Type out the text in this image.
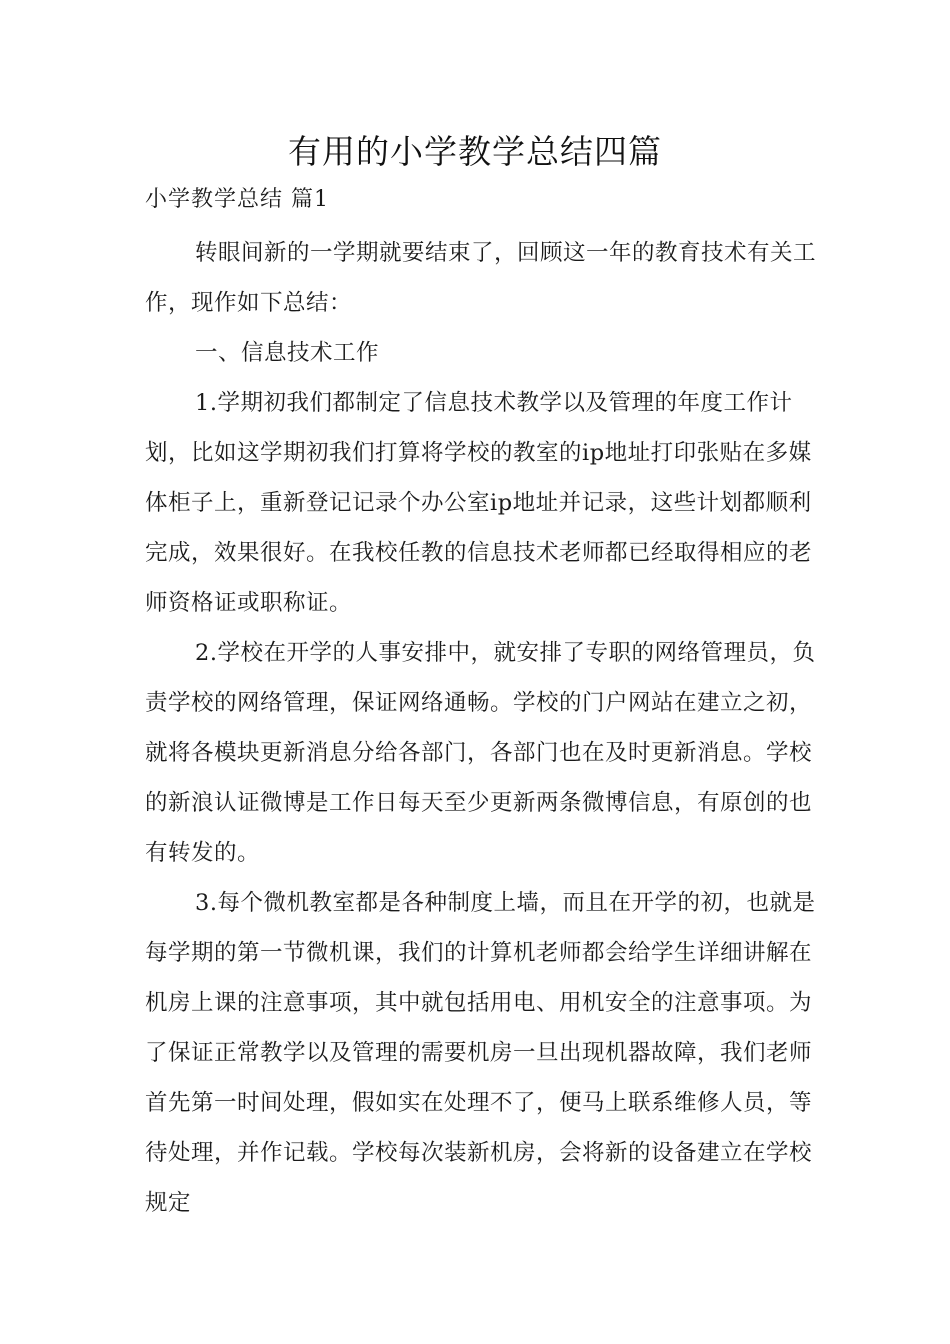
有用的小学教学总结四篇
小学教学总结 篇1

转眼间新的一学期就要结束了，回顾这一年的教育技术有关工作，现作如下总结：

一、信息技术工作

1.学期初我们都制定了信息技术教学以及管理的年度工作计划，比如这学期初我们打算将学校的教室的ip地址打印张贴在多媒体柜子上，重新登记记录个办公室ip地址并记录，这些计划都顺利完成，效果很好。在我校任教的信息技术老师都已经取得相应的老师资格证或职称证。

2.学校在开学的人事安排中，就安排了专职的网络管理员，负责学校的网络管理，保证网络通畅。学校的门户网站在建立之初，就将各模块更新消息分给各部门，各部门也在及时更新消息。学校的新浪认证微博是工作日每天至少更新两条微博信息，有原创的也有转发的。

3.每个微机教室都是各种制度上墙，而且在开学的初，也就是每学期的第一节微机课，我们的计算机老师都会给学生详细讲解在机房上课的注意事项，其中就包括用电、用机安全的注意事项。为了保证正常教学以及管理的需要机房一旦出现机器故障，我们老师首先第一时间处理，假如实在处理不了，便马上联系维修人员，等待处理，并作记载。学校每次装新机房，会将新的设备建立在学校规定
